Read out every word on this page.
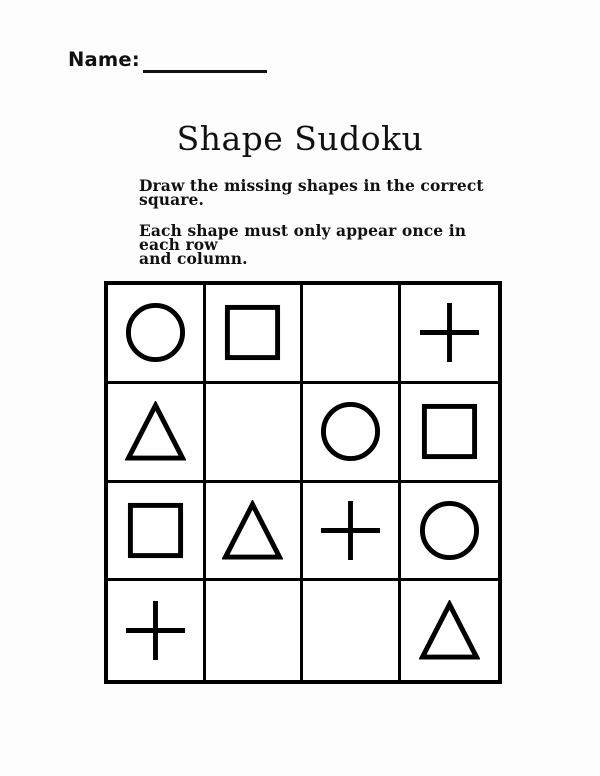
Name:
Shape Sudoku

Draw the missing shapes in the correct square.

Each shape must only appear once in each row
and column.
